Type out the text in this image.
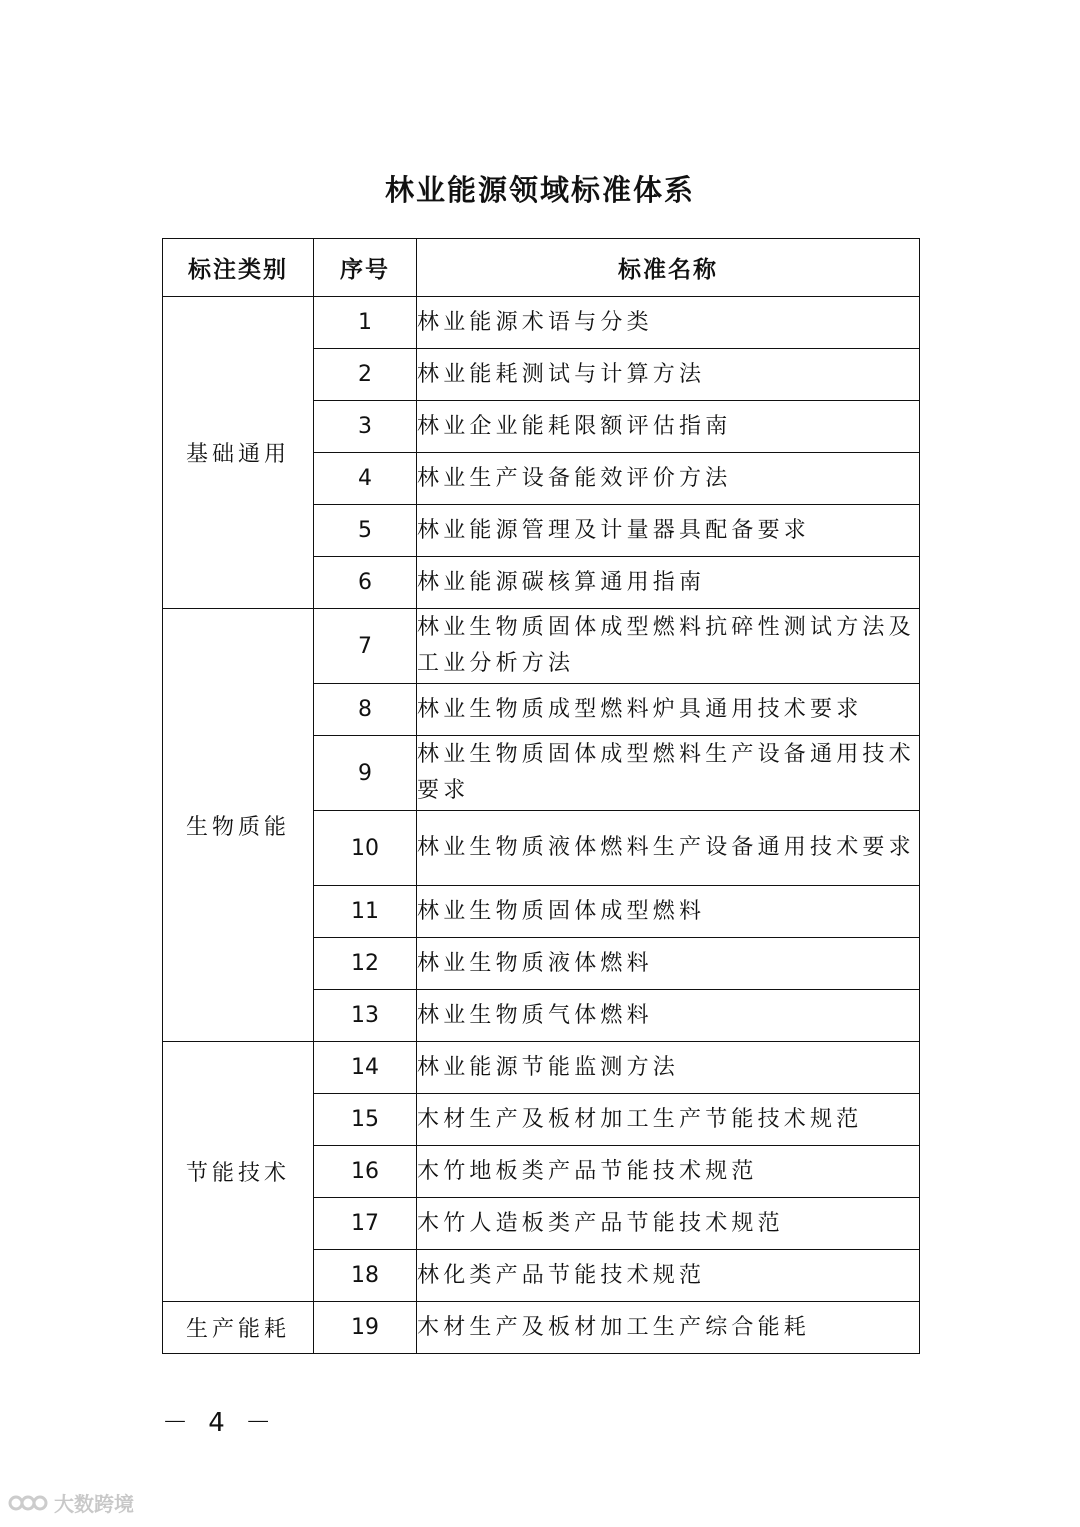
林业能源领域标准体系
标注类别	序号	标准名称
基础通用	1	林业能源术语与分类
	2	林业能耗测试与计算方法
	3	林业企业能耗限额评估指南
	4	林业生产设备能效评价方法
	5	林业能源管理及计量器具配备要求
	6	林业能源碳核算通用指南
生物质能	7	林业生物质固体成型燃料抗碎性测试方法及工业分析方法
	8	林业生物质成型燃料炉具通用技术要求
	9	林业生物质固体成型燃料生产设备通用技术要求
	10	林业生物质液体燃料生产设备通用技术要求
	11	林业生物质固体成型燃料
	12	林业生物质液体燃料
	13	林业生物质气体燃料
节能技术	14	林业能源节能监测方法
	15	木材生产及板材加工生产节能技术规范
	16	木竹地板类产品节能技术规范
	17	木竹人造板类产品节能技术规范
	18	林化类产品节能技术规范
生产能耗	19	木材生产及板材加工生产综合能耗
－ 4 －
大数跨境
